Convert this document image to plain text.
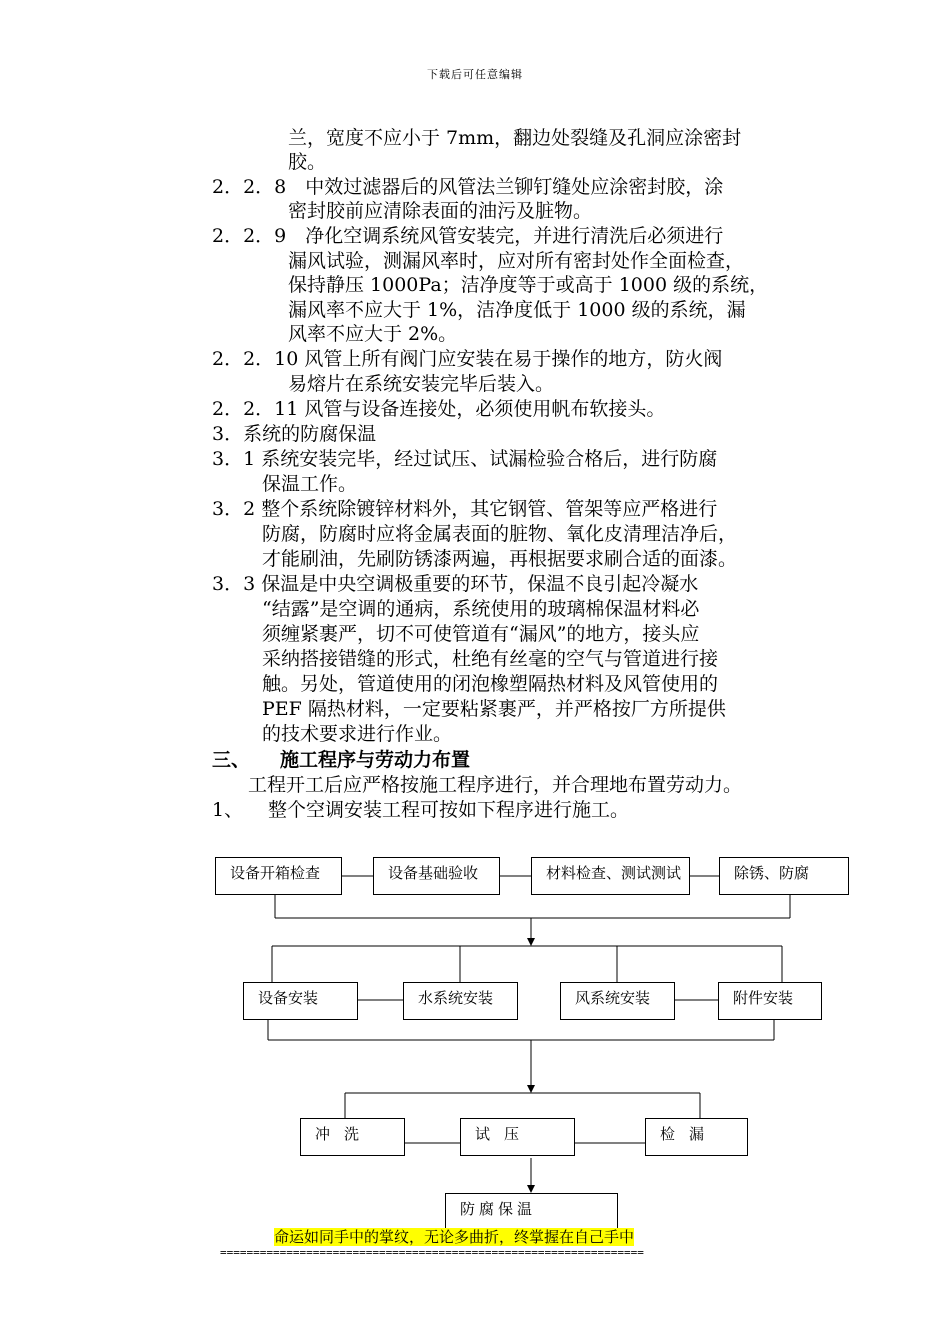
下载后可任意编辑
兰，宽度不应小于 7mm，翻边处裂缝及孔洞应涂密封
胶。
2．2．8　中效过滤器后的风管法兰铆钉缝处应涂密封胶，涂
密封胶前应清除表面的油污及脏物。
2．2．9　净化空调系统风管安装完，并进行清洗后必须进行
漏风试验，测漏风率时，应对所有密封处作全面检查，
保持静压 1000Pa；洁净度等于或高于 1000 级的系统，
漏风率不应大于 1%，洁净度低于 1000 级的系统，漏
风率不应大于 2%。
2．2．10 风管上所有阀门应安装在易于操作的地方，防火阀
易熔片在系统安装完毕后装入。
2．2．11 风管与设备连接处，必须使用帆布软接头。
3．系统的防腐保温
3．1 系统安装完毕，经过试压、试漏检验合格后，进行防腐
保温工作。
3．2 整个系统除镀锌材料外，其它钢管、管架等应严格进行
防腐，防腐时应将金属表面的脏物、氧化皮清理洁净后，
才能刷油，先刷防锈漆两遍，再根据要求刷合适的面漆。
3．3 保温是中央空调极重要的环节，保温不良引起冷凝水
“结露”是空调的通病，系统使用的玻璃棉保温材料必
须缠紧裹严，切不可使管道有“漏风”的地方，接头应
采纳搭接错缝的形式，杜绝有丝毫的空气与管道进行接
触。另处，管道使用的闭泡橡塑隔热材料及风管使用的
PEF 隔热材料，一定要粘紧裹严，并严格按厂方所提供
的技术要求进行作业。
三、 施工程序与劳动力布置
工程开工后应严格按施工程序进行，并合理地布置劳动力。
1、 整个空调安装工程可按如下程序进行施工。
设备开箱检查	设备基础验收	材料检查、测试测试	除锈、防腐
设备安装	水系统安装	风系统安装	附件安装
冲洗	试压	检漏
防腐保温
命运如同手中的掌纹，无论多曲折，终掌握在自己手中
================================================================
